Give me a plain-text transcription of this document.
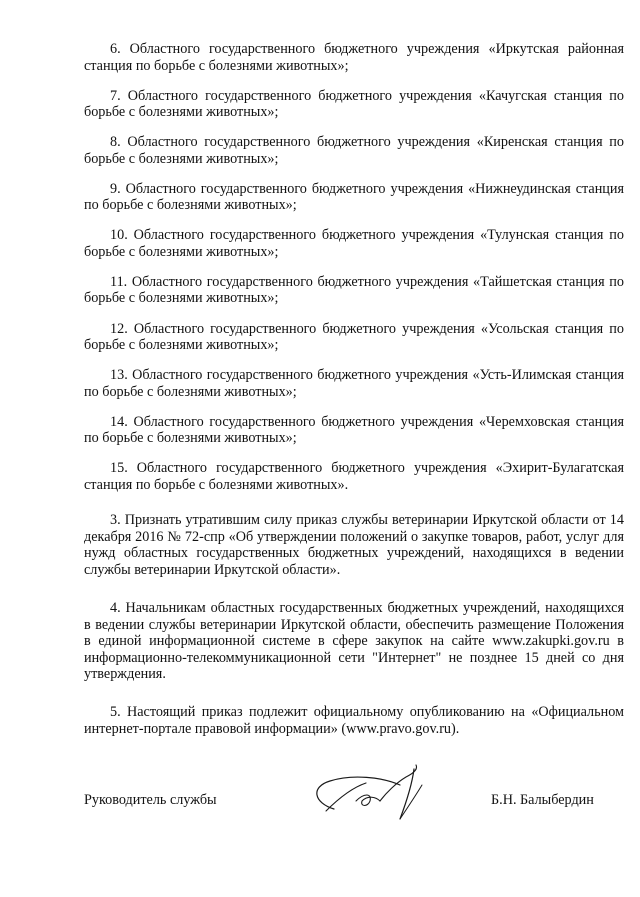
6. Областного государственного бюджетного учреждения «Иркутская районная станция по борьбе с болезнями животных»;

7. Областного государственного бюджетного учреждения «Качугская станция по борьбе с болезнями животных»;

8. Областного государственного бюджетного учреждения «Киренская станция по борьбе с болезнями животных»;

9. Областного государственного бюджетного учреждения «Нижнеудинская станция по борьбе с болезнями животных»;

10. Областного государственного бюджетного учреждения «Тулунская станция по борьбе с болезнями животных»;

11. Областного государственного бюджетного учреждения «Тайшетская станция по борьбе с болезнями животных»;

12. Областного государственного бюджетного учреждения «Усольская станция по борьбе с болезнями животных»;

13. Областного государственного бюджетного учреждения «Усть-Илимская станция по борьбе с болезнями животных»;

14. Областного государственного бюджетного учреждения «Черемховская станция по борьбе с болезнями животных»;

15. Областного государственного бюджетного учреждения «Эхирит-Булагатская станция по борьбе с болезнями животных».

3. Признать утратившим силу приказ службы ветеринарии Иркутской области от 14 декабря 2016 № 72-спр «Об утверждении положений о закупке товаров, работ, услуг для нужд областных государственных бюджетных учреждений, находящихся в ведении службы ветеринарии Иркутской области».

4. Начальникам областных государственных бюджетных учреждений, находящихся в ведении службы ветеринарии Иркутской области, обеспечить размещение Положения в единой информационной системе в сфере закупок на сайте www.zakupki.gov.ru в информационно-телекоммуникационной сети "Интернет" не позднее 15 дней со дня утверждения.

5. Настоящий приказ подлежит официальному опубликованию на «Официальном интернет-портале правовой информации» (www.pravo.gov.ru).

Руководитель службы	Б.Н. Балыбердин
